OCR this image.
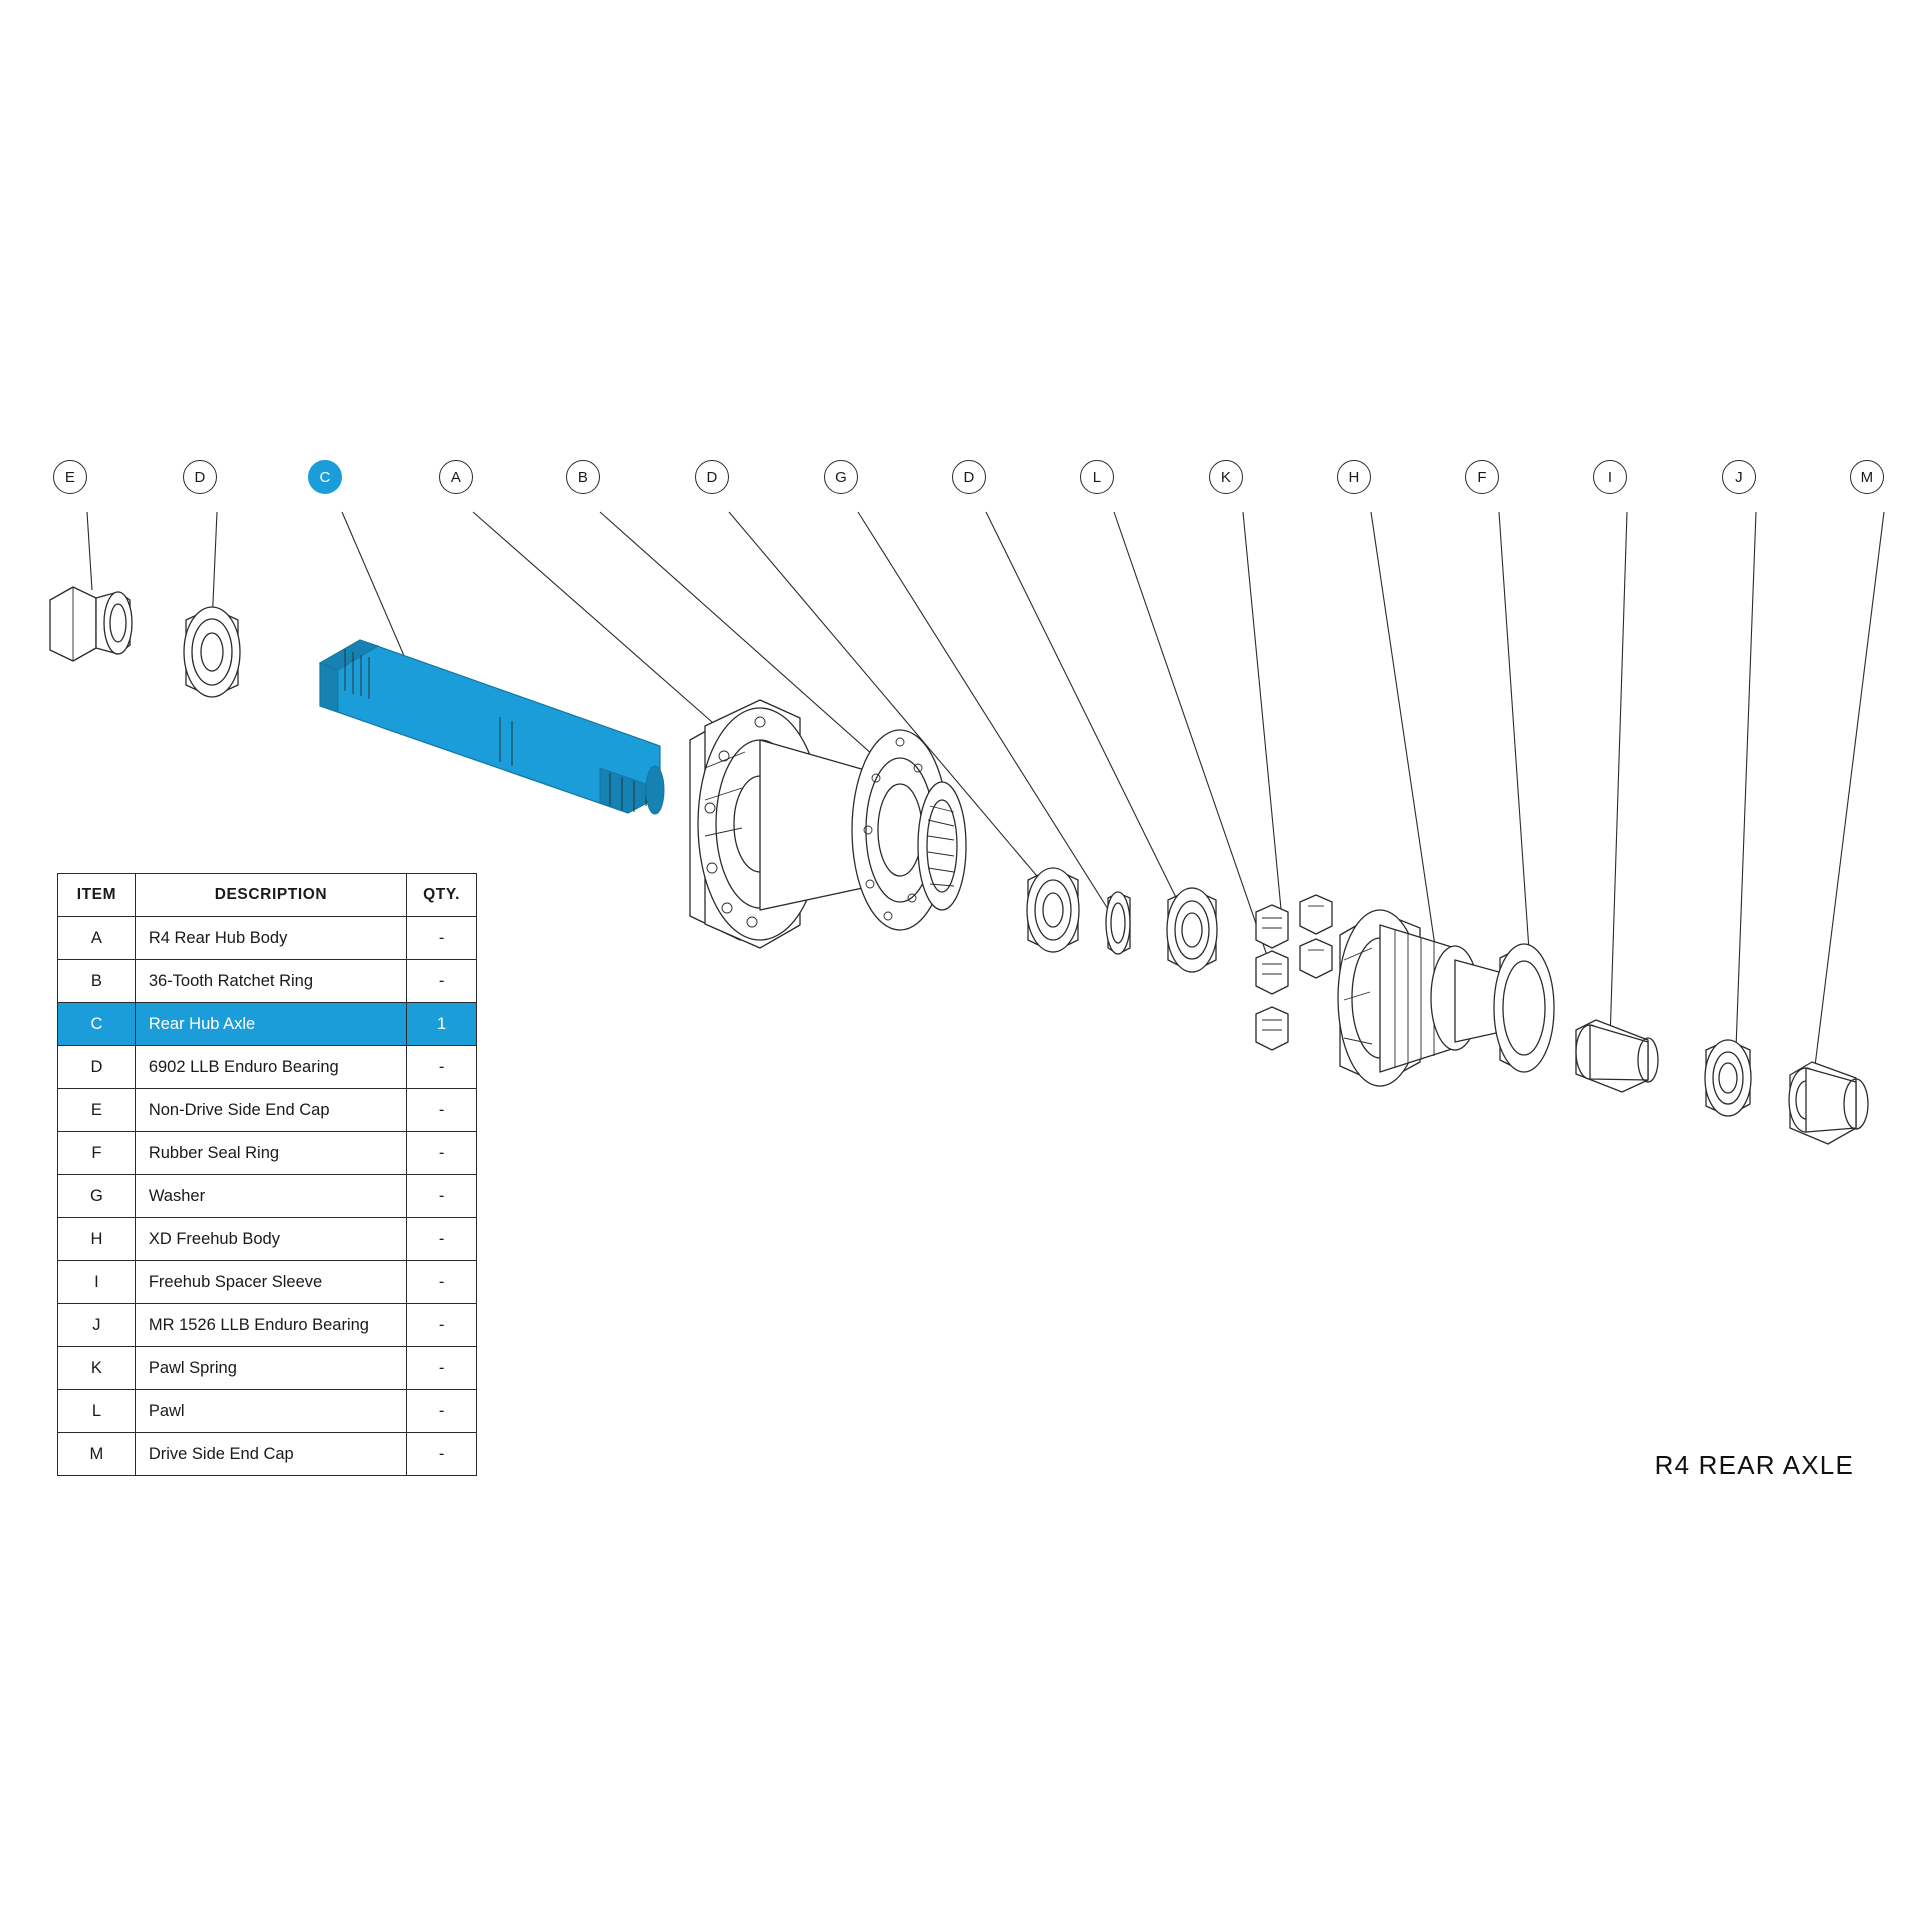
E	D	C	A	B	D	G	D	L	K	H	F	I	J	M
ITEM	DESCRIPTION	QTY.
A	R4 Rear Hub Body	-
B	36-Tooth Ratchet Ring	-
C	Rear Hub Axle	1
D	6902 LLB Enduro Bearing	-
E	Non-Drive Side End Cap	-
F	Rubber Seal Ring	-
G	Washer	-
H	XD Freehub Body	-
I	Freehub Spacer Sleeve	-
J	MR 1526 LLB Enduro Bearing	-
K	Pawl Spring	-
L	Pawl	-
M	Drive Side End Cap	-	R4 REAR AXLE
